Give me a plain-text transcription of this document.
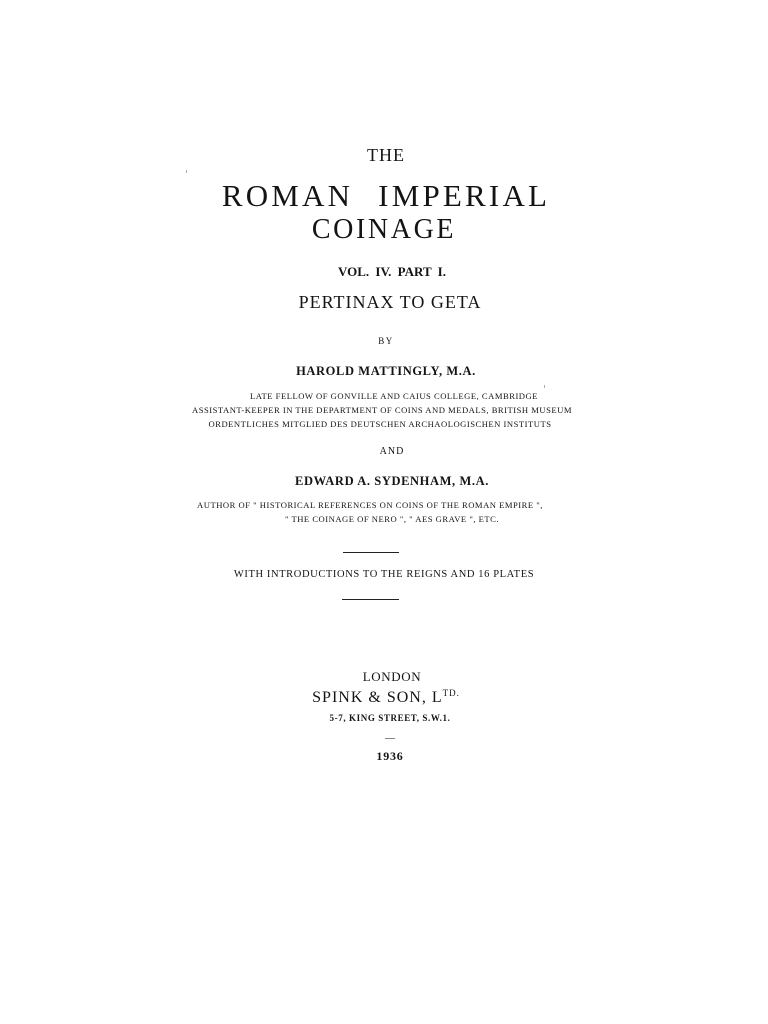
THE
ROMAN IMPERIAL
COINAGE
VOL. IV. PART I.
PERTINAX TO GETA
BY
HAROLD MATTINGLY, M.A.
LATE FELLOW OF GONVILLE AND CAIUS COLLEGE, CAMBRIDGE
ASSISTANT-KEEPER IN THE DEPARTMENT OF COINS AND MEDALS, BRITISH MUSEUM
ORDENTLICHES MITGLIED DES DEUTSCHEN ARCHAOLOGISCHEN INSTITUTS
AND
EDWARD A. SYDENHAM, M.A.
AUTHOR OF " HISTORICAL REFERENCES ON COINS OF THE ROMAN EMPIRE ",
" THE COINAGE OF NERO ", " AES GRAVE ", ETC.
WITH INTRODUCTIONS TO THE REIGNS AND 16 PLATES
LONDON
SPINK & SON, $L^{TD.}$
5-7, KING STREET, S.W.1.
—
1936
